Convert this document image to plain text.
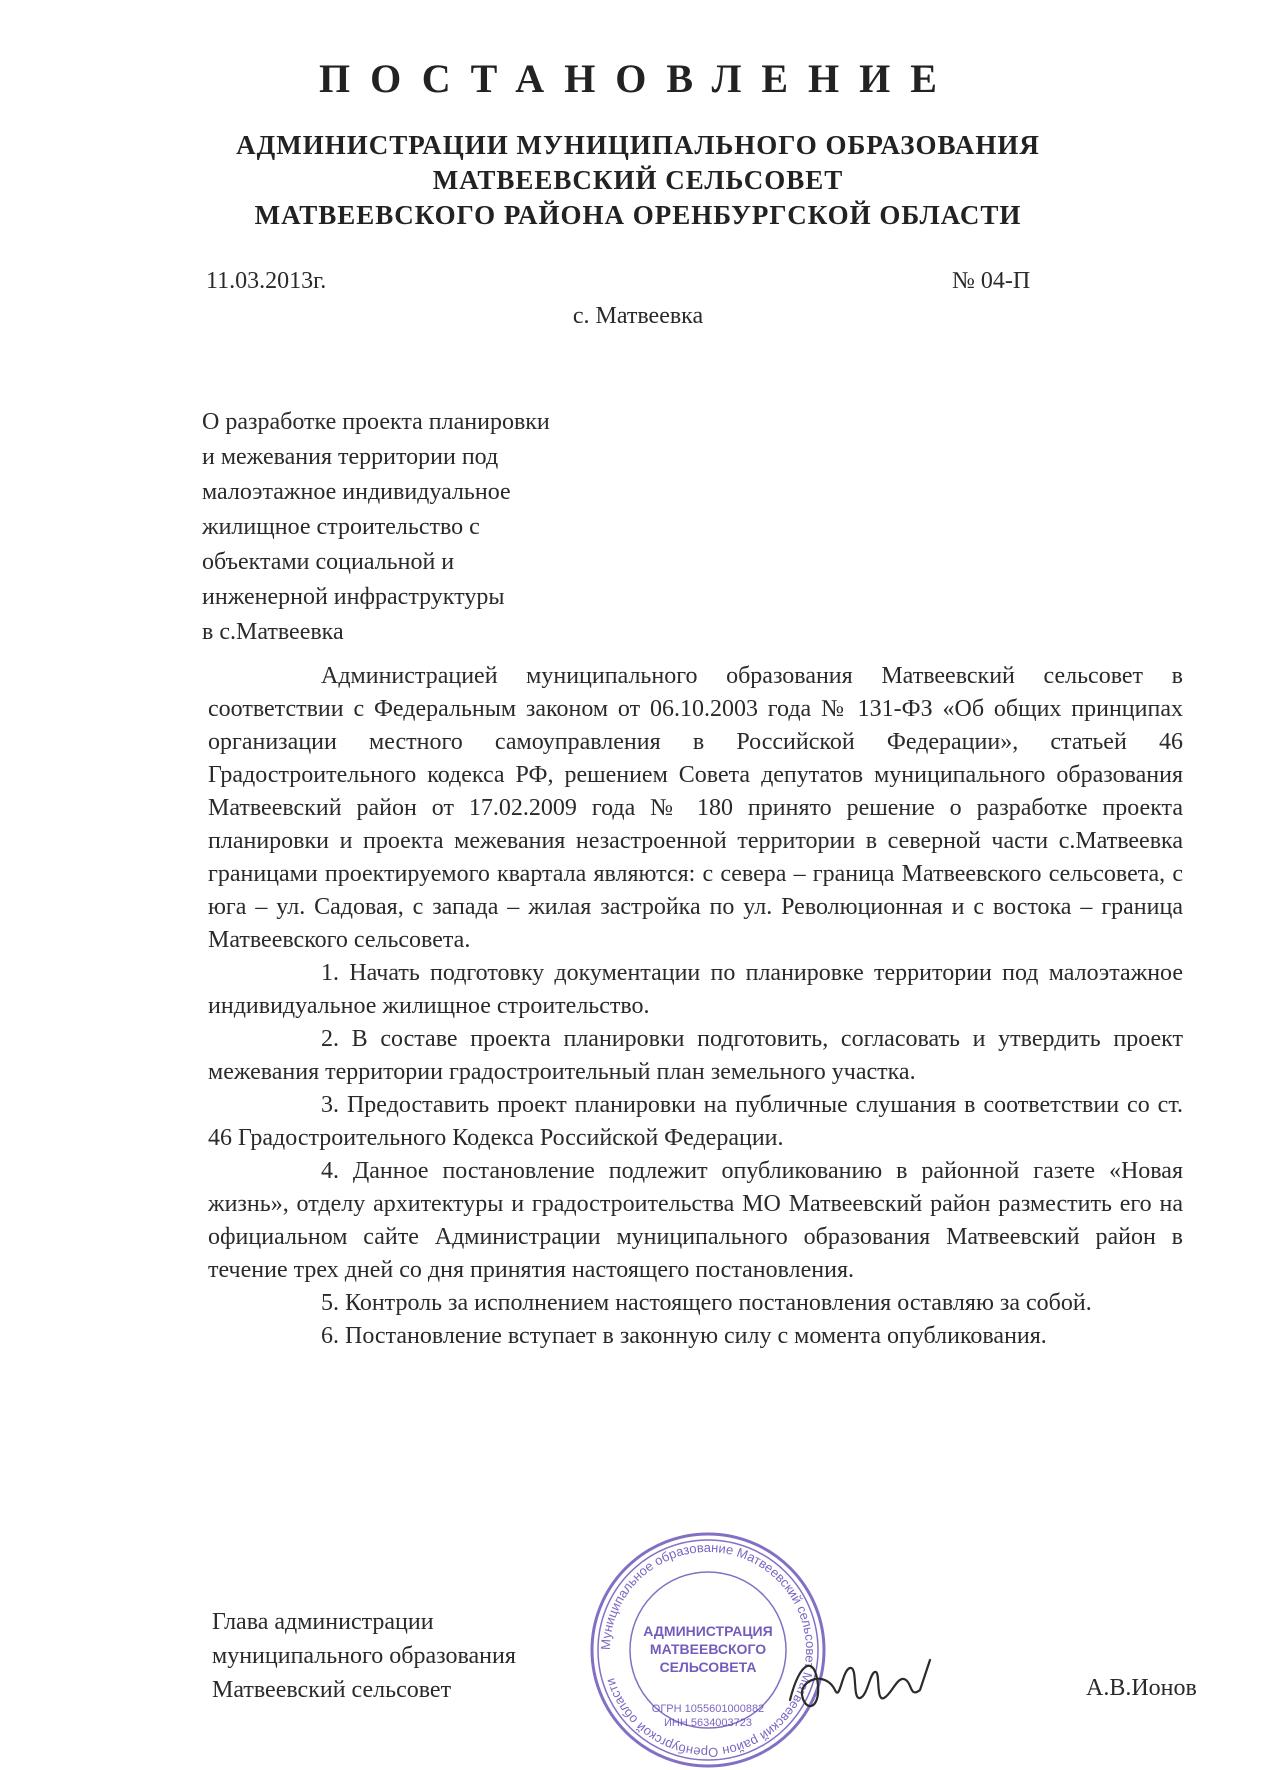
ПОСТАНОВЛЕНИЕ
АДМИНИСТРАЦИИ МУНИЦИПАЛЬНОГО ОБРАЗОВАНИЯ
МАТВЕЕВСКИЙ СЕЛЬСОВЕТ
МАТВЕЕВСКОГО РАЙОНА ОРЕНБУРГСКОЙ ОБЛАСТИ
11.03.2013г.	№ 04-П
с. Матвеевка
О разработке проекта планировки
и межевания территории под
малоэтажное индивидуальное
жилищное строительство с
объектами социальной и
инженерной инфраструктуры
в с.Матвеевка

Администрацией муниципального образования Матвеевский сельсовет в соответствии с Федеральным законом от 06.10.2003 года № 131-ФЗ «Об общих принципах организации местного самоуправления в Российской Федерации», статьей 46 Градостроительного кодекса РФ, решением Совета депутатов муниципального образования Матвеевский район от 17.02.2009 года № 180 принято решение о разработке проекта планировки и проекта межевания незастроенной территории в северной части с.Матвеевка границами проектируемого квартала являются: с севера – граница Матвеевского сельсовета, с юга – ул. Садовая, с запада – жилая застройка по ул. Революционная и с востока – граница Матвеевского сельсовета.

1. Начать подготовку документации по планировке территории под малоэтажное индивидуальное жилищное строительство.

2. В составе проекта планировки подготовить, согласовать и утвердить проект межевания территории градостроительный план земельного участка.

3. Предоставить проект планировки на публичные слушания в соответствии со ст. 46 Градостроительного Кодекса Российской Федерации.

4. Данное постановление подлежит опубликованию в районной газете «Новая жизнь», отделу архитектуры и градостроительства МО Матвеевский район разместить его на официальном сайте Администрации муниципального образования Матвеевский район в течение трех дней со дня принятия настоящего постановления.

5. Контроль за исполнением настоящего постановления оставляю за собой.

6. Постановление вступает в законную силу с момента опубликования.

Глава администрации
муниципального образования
Матвеевский сельсовет
Муниципальное образование Матвеевский сельсовет Матвеевский район Оренбургской области
АДМИНИСТРАЦИЯ
МАТВЕЕВСКОГО
СЕЛЬСОВЕТА
ОГРН 1055601000882
ИНН 5634003723
А.В.Ионов
